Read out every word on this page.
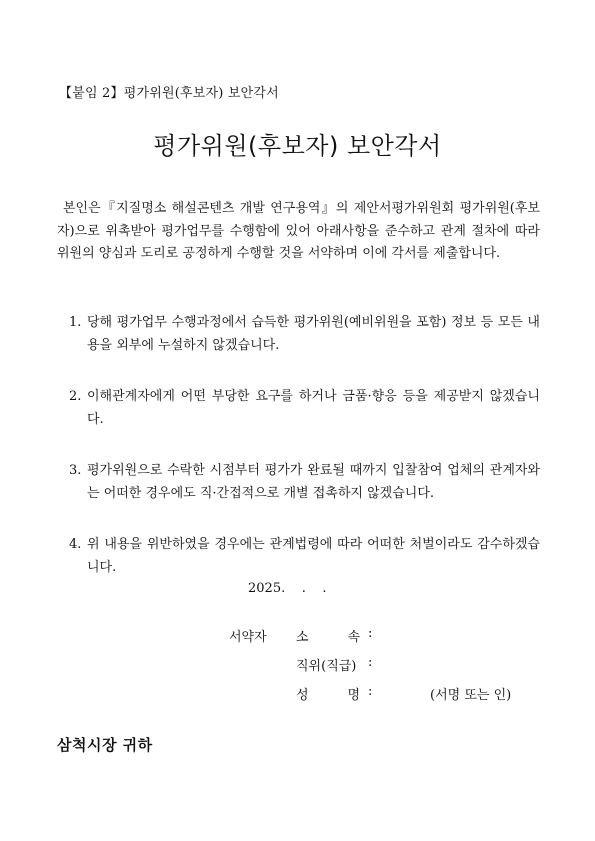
【붙임 2】평가위원(후보자) 보안각서
평가위원(후보자) 보안각서

본인은『지질명소 해설콘텐츠 개발 연구용역』의 제안서평가위원회 평가위원(후보자)으로 위촉받아 평가업무를 수행함에 있어 아래사항을 준수하고 관계 절차에 따라 위원의 양심과 도리로 공정하게 수행할 것을 서약하며 이에 각서를 제출합니다.

1. 당해 평가업무 수행과정에서 습득한 평가위원(예비위원을 포함) 정보 등 모든 내용을 외부에 누설하지 않겠습니다.
2. 이해관계자에게 어떤 부당한 요구를 하거나 금품·향응 등을 제공받지 않겠습니다.
3. 평가위원으로 수락한 시점부터 평가가 완료될 때까지 입찰참여 업체의 관계자와는 어떠한 경우에도 직·간접적으로 개별 접촉하지 않겠습니다.
4. 위 내용을 위반하였을 경우에는 관계법령에 따라 어떠한 처벌이라도 감수하겠습니다.
2025.    .    .
서약자 소	속 :
직위(직급) :
성	명 :	(서명 또는 인)
삼척시장 귀하
